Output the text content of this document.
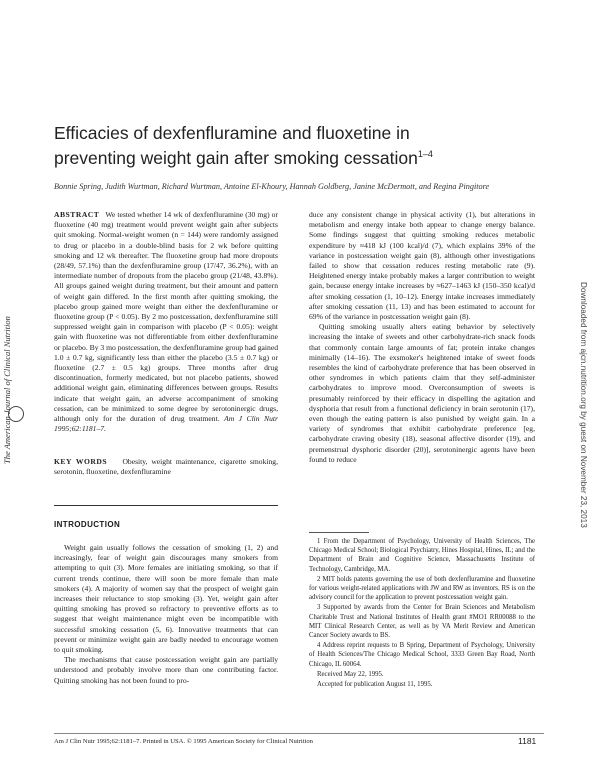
Efficacies of dexfenfluramine and fluoxetine in preventing weight gain after smoking cessation$^{1-4}$
Bonnie Spring, Judith Wurtman, Richard Wurtman, Antoine El-Khoury, Hannah Goldberg, Janine McDermott, and Regina Pingitore

ABSTRACT We tested whether 14 wk of dexfenfluramine (30 mg) or fluoxetine (40 mg) treatment would prevent weight gain after subjects quit smoking. Normal-weight women (n = 144) were randomly assigned to drug or placebo in a double-blind basis for 2 wk before quitting smoking and 12 wk thereafter. The fluoxetine group had more dropouts (28/49, 57.1%) than the dexfenfluramine group (17/47, 36.2%), with an intermediate number of dropouts from the placebo group (21/48, 43.8%). All groups gained weight during treatment, but their amount and pattern of weight gain differed. In the first month after quitting smoking, the placebo group gained more weight than either the dexfenfluramine or fluoxetine group (P < 0.05). By 2 mo postcessation, dexfenfluramine still suppressed weight gain in comparison with placebo (P < 0.05): weight gain with fluoxetine was not differentiable from either dexfenfluramine or placebo. By 3 mo postcessation, the dexfenfluramine group had gained 1.0 ± 0.7 kg, significantly less than either the placebo (3.5 ± 0.7 kg) or fluoxetine (2.7 ± 0.5 kg) groups. Three months after drug discontinuation, formerly medicated, but not placebo patients, showed additional weight gain, eliminating differences between groups. Results indicate that weight gain, an adverse accompaniment of smoking cessation, can be minimized to some degree by serotoninergic drugs, although only for the duration of drug treatment. Am J Clin Nutr 1995;62:1181–7.

KEY WORDS Obesity, weight maintenance, cigarette smoking, serotonin, fluoxetine, dexfenfluramine

INTRODUCTION

Weight gain usually follows the cessation of smoking (1, 2) and increasingly, fear of weight gain discourages many smokers from attempting to quit (3). More females are initiating smoking, so that if current trends continue, there will soon be more female than male smokers (4). A majority of women say that the prospect of weight gain increases their reluctance to stop smoking (3). Yet, weight gain after quitting smoking has proved so refractory to preventive efforts as to suggest that weight maintenance might even be incompatible with successful smoking cessation (5, 6). Innovative treatments that can prevent or minimize weight gain are badly needed to encourage women to quit smoking.

The mechanisms that cause postcessation weight gain are partially understood and probably involve more than one contributing factor. Quitting smoking has not been found to pro-

duce any consistent change in physical activity (1), but alterations in metabolism and energy intake both appear to change energy balance. Some findings suggest that quitting smoking reduces metabolic expenditure by ≈418 kJ (100 kcal)/d (7), which explains 39% of the variance in postcessation weight gain (8), although other investigations failed to show that cessation reduces resting metabolic rate (9). Heightened energy intake probably makes a larger contribution to weight gain, because energy intake increases by ≈627–1463 kJ (150–350 kcal)/d after smoking cessation (1, 10–12). Energy intake increases immediately after smoking cessation (11, 13) and has been estimated to account for 69% of the variance in postcessation weight gain (8).

Quitting smoking usually alters eating behavior by selectively increasing the intake of sweets and other carbohydrate-rich snack foods that commonly contain large amounts of fat; protein intake changes minimally (14–16). The exsmoker's heightened intake of sweet foods resembles the kind of carbohydrate preference that has been observed in other syndromes in which patients claim that they self-administer carbohydrates to improve mood. Overconsumption of sweets is presumably reinforced by their efficacy in dispelling the agitation and dysphoria that result from a functional deficiency in brain serotonin (17), even though the eating pattern is also punished by weight gain. In a variety of syndromes that exhibit carbohydrate preference [eg, carbohydrate craving obesity (18), seasonal affective disorder (19), and premenstrual dysphoric disorder (20)], serotoninergic agents have been found to reduce

1 From the Department of Psychology, University of Health Sciences, The Chicago Medical School; Biological Psychiatry, Hines Hospital, Hines, IL; and the Department of Brain and Cognitive Science, Massachusetts Institute of Technology, Cambridge, MA.

2 MIT holds patents governing the use of both dexfenfluramine and fluoxetine for various weight-related applications with JW and RW as inventors. RS is on the advisory council for the application to prevent postcessation weight gain.

3 Supported by awards from the Center for Brain Sciences and Metabolism Charitable Trust and National Institutes of Health grant #MO1 RR00088 to the MIT Clinical Research Center, as well as by VA Merit Review and American Cancer Society awards to BS.

4 Address reprint requests to B Spring, Department of Psychology, University of Health Sciences/The Chicago Medical School, 3333 Green Bay Road, North Chicago, IL 60064.

Received May 22, 1995.

Accepted for publication August 11, 1995.

Am J Clin Nutr 1995;62:1181–7. Printed in USA. © 1995 American Society for Clinical Nutrition	1181
The American Journal of Clinical Nutrition	Downloaded from ajcn.nutrition.org by guest on November 23, 2013
